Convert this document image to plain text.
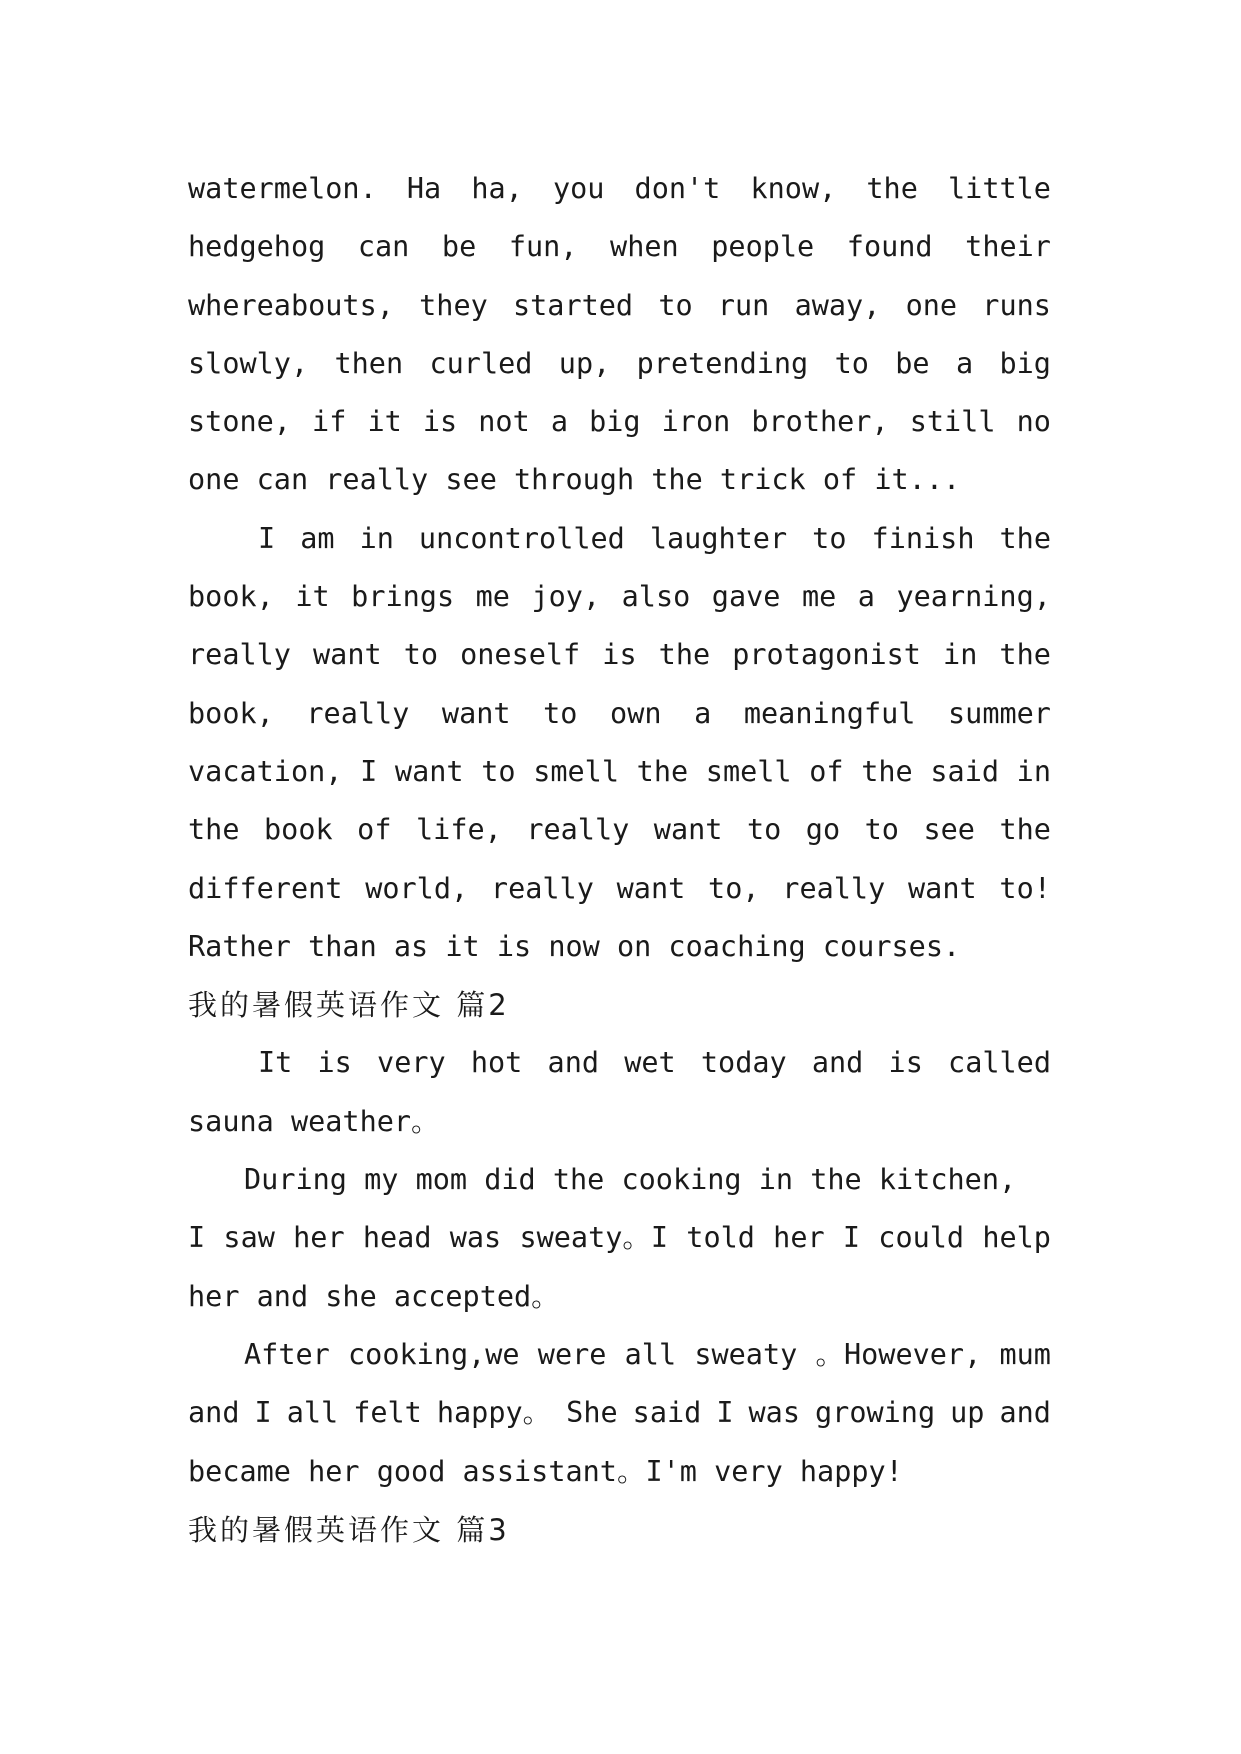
watermelon. Ha ha, you don't know, the little
hedgehog can be fun, when people found their
whereabouts, they started to run away, one runs
slowly, then curled up, pretending to be a big
stone, if it is not a big iron brother, still no
one can really see through the trick of it...
I am in uncontrolled laughter to finish the
book, it brings me joy, also gave me a yearning,
really want to oneself is the protagonist in the
book, really want to own a meaningful summer
vacation, I want to smell the smell of the said in
the book of life, really want to go to see the
different world, really want to, really want to!
Rather than as it is now on coaching courses.
我的暑假英语作文 篇2
It is very hot and wet today and is called
sauna weather。
During my mom did the cooking in the kitchen,
I saw her head was sweaty。I told her I could help
her and she accepted。
After cooking,we were all sweaty 。However, mum
and I all felt happy。 She said I was growing up and
became her good assistant。I'm very happy!
我的暑假英语作文 篇3
